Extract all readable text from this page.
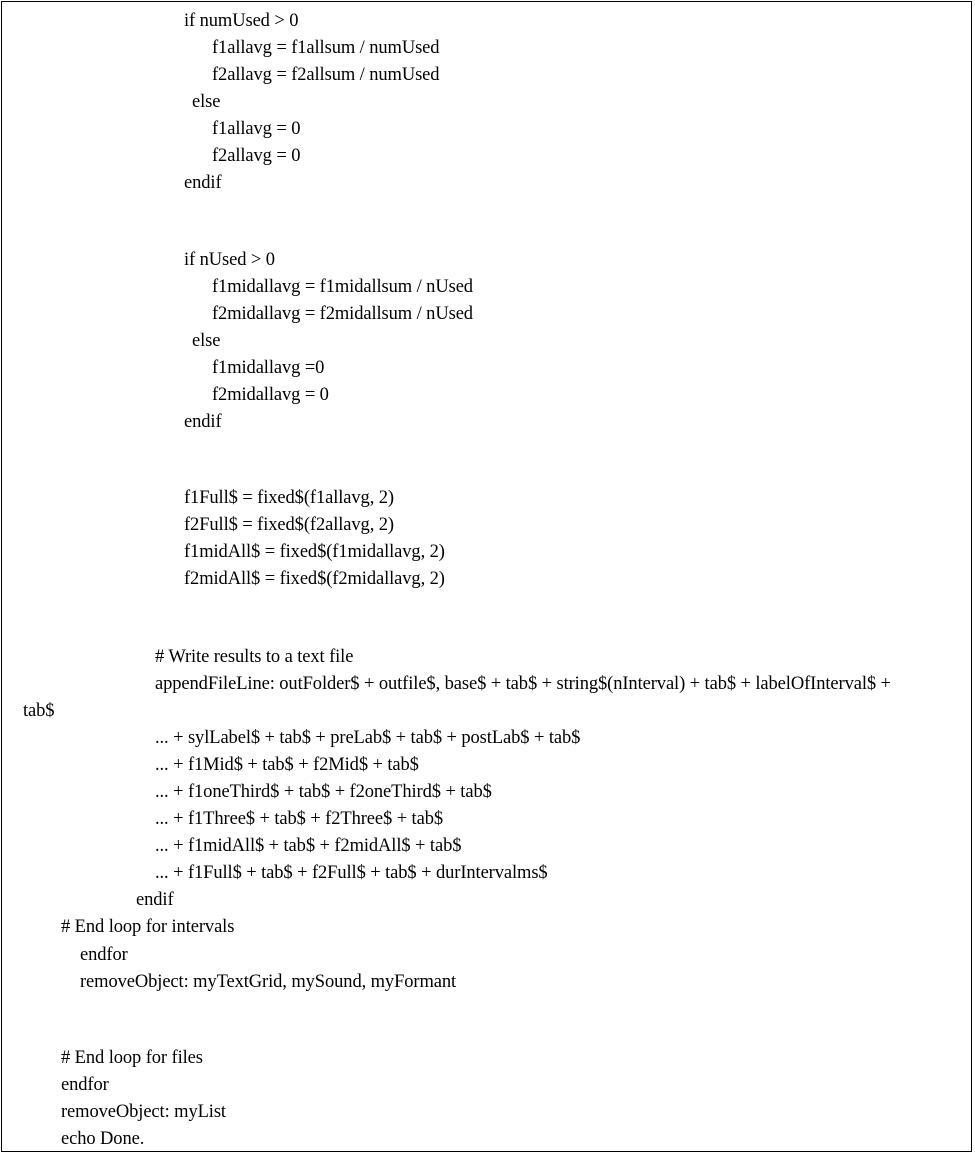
if numUsed > 0
f1allavg = f1allsum / numUsed
f2allavg = f2allsum / numUsed
else
f1allavg = 0
f2allavg = 0
endif
if nUsed > 0
f1midallavg = f1midallsum / nUsed
f2midallavg = f2midallsum / nUsed
else
f1midallavg =0
f2midallavg = 0
endif
f1Full$ = fixed$(f1allavg, 2)
f2Full$ = fixed$(f2allavg, 2)
f1midAll$ = fixed$(f1midallavg, 2)
f2midAll$ = fixed$(f2midallavg, 2)
# Write results to a text file
appendFileLine: outFolder$ + outfile$, base$ + tab$ + string$(nInterval) + tab$ + labelOfInterval$ +
tab$
... + sylLabel$ + tab$ + preLab$ + tab$ + postLab$ + tab$
... + f1Mid$ + tab$ + f2Mid$ + tab$
... + f1oneThird$ + tab$ + f2oneThird$ + tab$
... + f1Three$ + tab$ + f2Three$ + tab$
... + f1midAll$ + tab$ + f2midAll$ + tab$
... + f1Full$ + tab$ + f2Full$ + tab$ + durIntervalms$
endif
# End loop for intervals
endfor
removeObject: myTextGrid, mySound, myFormant
# End loop for files
endfor
removeObject: myList
echo Done.
